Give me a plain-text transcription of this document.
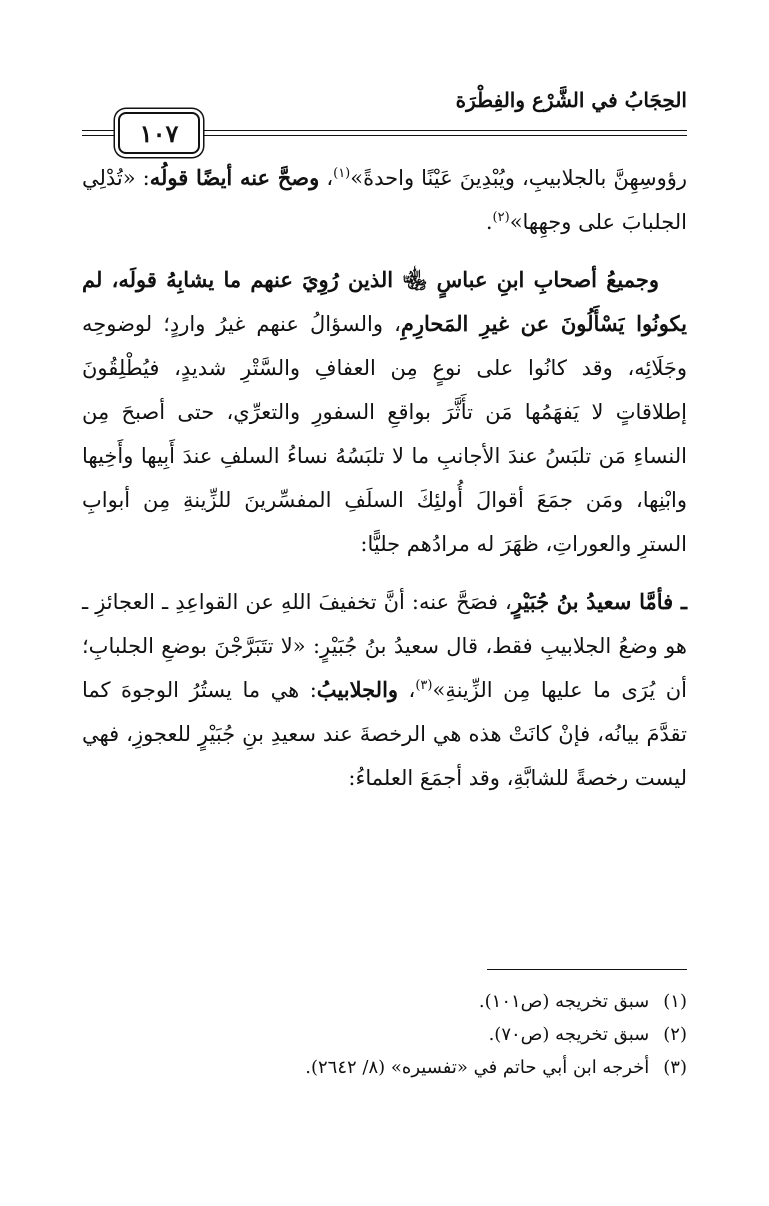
الحِجَابُ في الشَّرْع والفِطْرَة
١٠٧

رؤوسِهِنَّ بالجلابيبِ، ويُبْدِينَ عَيْنًا واحدةً»$^{(١)}$، وصحَّ عنه أيضًا قولُه: «تُدْلِي الجلبابَ على وجهِها»$^{(٢)}$.

وجميعُ أصحابِ ابنِ عباسٍ ﵄ الذين رُوِيَ عنهم ما يشابِهُ قولَه، لم يكونُوا يَسْأَلُونَ عن غيرِ المَحارِمِ، والسؤالُ عنهم غيرُ واردٍ؛ لوضوحِه وجَلَائِه، وقد كانُوا على نوعٍ مِن العفافِ والسَّتْرِ شديدٍ، فيُطْلِقُونَ إطلاقاتٍ لا يَفهَمُها مَن تأَثَّرَ بواقعِ السفورِ والتعرِّي، حتى أصبحَ مِن النساءِ مَن تلبَسُ عندَ الأجانبِ ما لا تلبَسُهُ نساءُ السلفِ عندَ أَبِيها وأَخِيها وابْنِها، ومَن جمَعَ أقوالَ أُولئِكَ السلَفِ المفسِّرينَ للزِّينةِ مِن أبوابِ السترِ والعوراتِ، ظهَرَ له مرادُهم جليًّا:

ـ فأمَّا سعيدُ بنُ جُبَيْرٍ، فصَحَّ عنه: أنَّ تخفيفَ اللهِ عن القواعِدِ ـ العجائزِ ـ هو وضعُ الجلابيبِ فقط، قال سعيدُ بنُ جُبَيْرٍ: «لا تتَبَرَّجْنَ بوضعِ الجلبابِ؛ أن يُرَى ما عليها مِن الزِّينةِ»$^{(٣)}$، والجلابيبُ: هي ما يستُرُ الوجوهَ كما تقدَّمَ بيانُه، فإنْ كانَتْ هذه هي الرخصةَ عند سعيدِ بنِ جُبَيْرٍ للعجوزِ، فهي ليست رخصةً للشابَّةِ، وقد أجمَعَ العلماءُ:

(١)سبق تخريجه (ص١٠١).

(٢)سبق تخريجه (ص٧٠).

(٣)أخرجه ابن أبي حاتم في «تفسيره» (٨/ ٢٦٤٢).
